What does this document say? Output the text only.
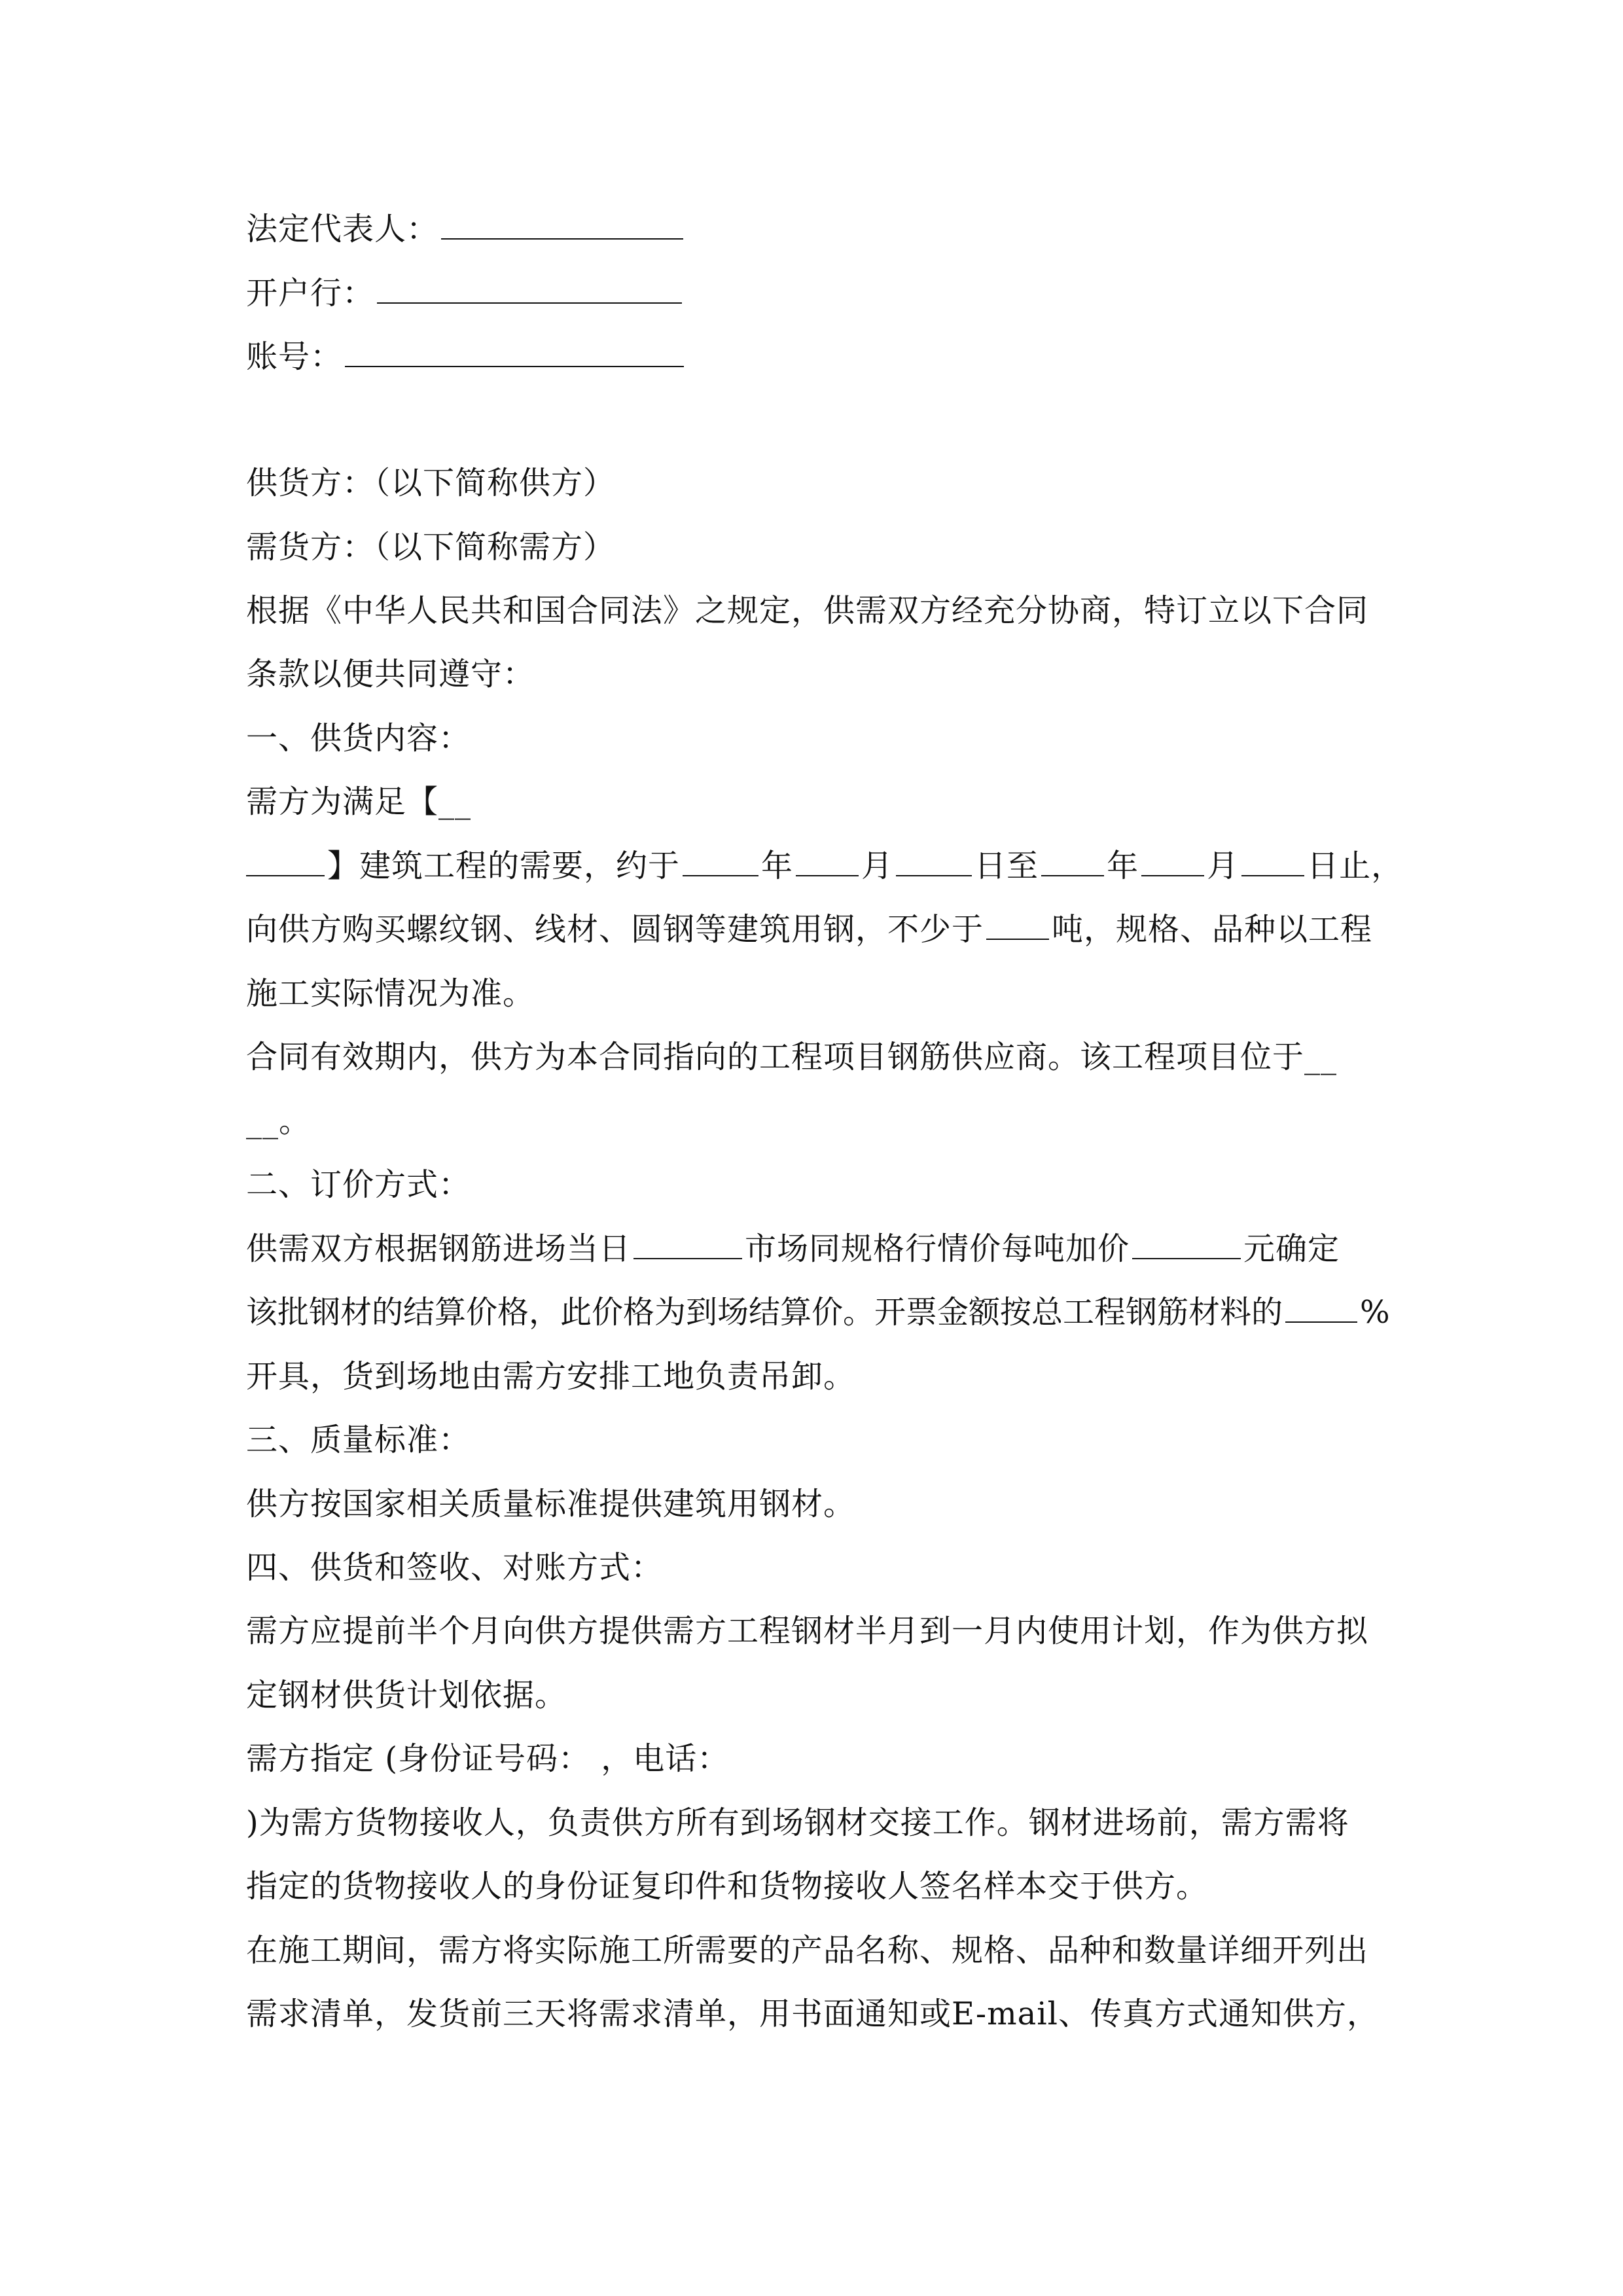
法定代表人：
开户行：
账号：
供货方：（以下简称供方）
需货方：（以下简称需方）
根据《中华人民共和国合同法》之规定，供需双方经充分协商，特订立以下合同
条款以便共同遵守：
一、供货内容：
需方为满足【__
】建筑工程的需要，约于	年 月	日至 年 月 日止，
向供方购买螺纹钢、线材、圆钢等建筑用钢，不少于 吨，规格、品种以工程
施工实际情况为准。
合同有效期内，供方为本合同指向的工程项目钢筋供应商。该工程项目位于__
__。
二、订价方式：
供需双方根据钢筋进场当日	市场同规格行情价每吨加价	元确定
该批钢材的结算价格，此价格为到场结算价。开票金额按总工程钢筋材料的 %
开具，货到场地由需方安排工地负责吊卸。
三、质量标准：
供方按国家相关质量标准提供建筑用钢材。
四、供货和签收、对账方式：
需方应提前半个月向供方提供需方工程钢材半月到一月内使用计划，作为供方拟
定钢材供货计划依据。
需方指定 (身份证号码： ，电话：
)为需方货物接收人，负责供方所有到场钢材交接工作。钢材进场前，需方需将
指定的货物接收人的身份证复印件和货物接收人签名样本交于供方。
在施工期间，需方将实际施工所需要的产品名称、规格、品种和数量详细开列出
需求清单，发货前三天将需求清单，用书面通知或E-mail、传真方式通知供方，
